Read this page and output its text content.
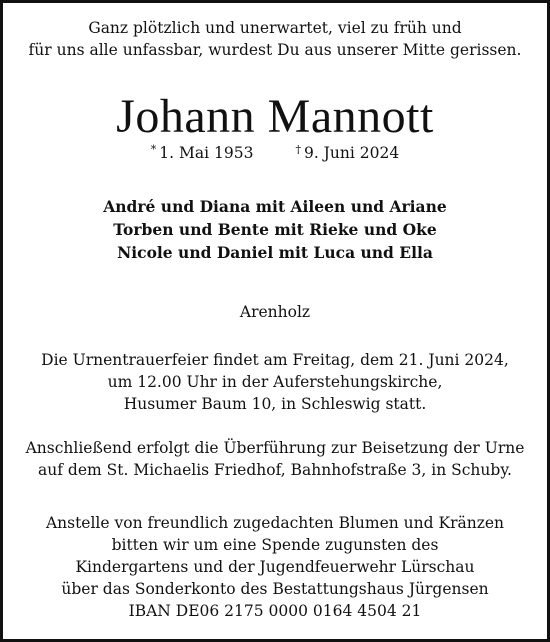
Ganz plötzlich und unerwartet, viel zu früh und
für uns alle unfassbar, wurdest Du aus unserer Mitte gerissen.
Johann Mannott
* 1. Mai 1953	† 9. Juni 2024
André und Diana mit Aileen und Ariane
Torben und Bente mit Rieke und Oke
Nicole und Daniel mit Luca und Ella
Arenholz
Die Urnentrauerfeier findet am Freitag, dem 21. Juni 2024,
um 12.00 Uhr in der Auferstehungskirche,
Husumer Baum 10, in Schleswig statt.
Anschließend erfolgt die Überführung zur Beisetzung der Urne
auf dem St. Michaelis Friedhof, Bahnhofstraße 3, in Schuby.
Anstelle von freundlich zugedachten Blumen und Kränzen
bitten wir um eine Spende zugunsten des
Kindergartens und der Jugendfeuerwehr Lürschau
über das Sonderkonto des Bestattungshaus Jürgensen
IBAN DE06 2175 0000 0164 4504 21
